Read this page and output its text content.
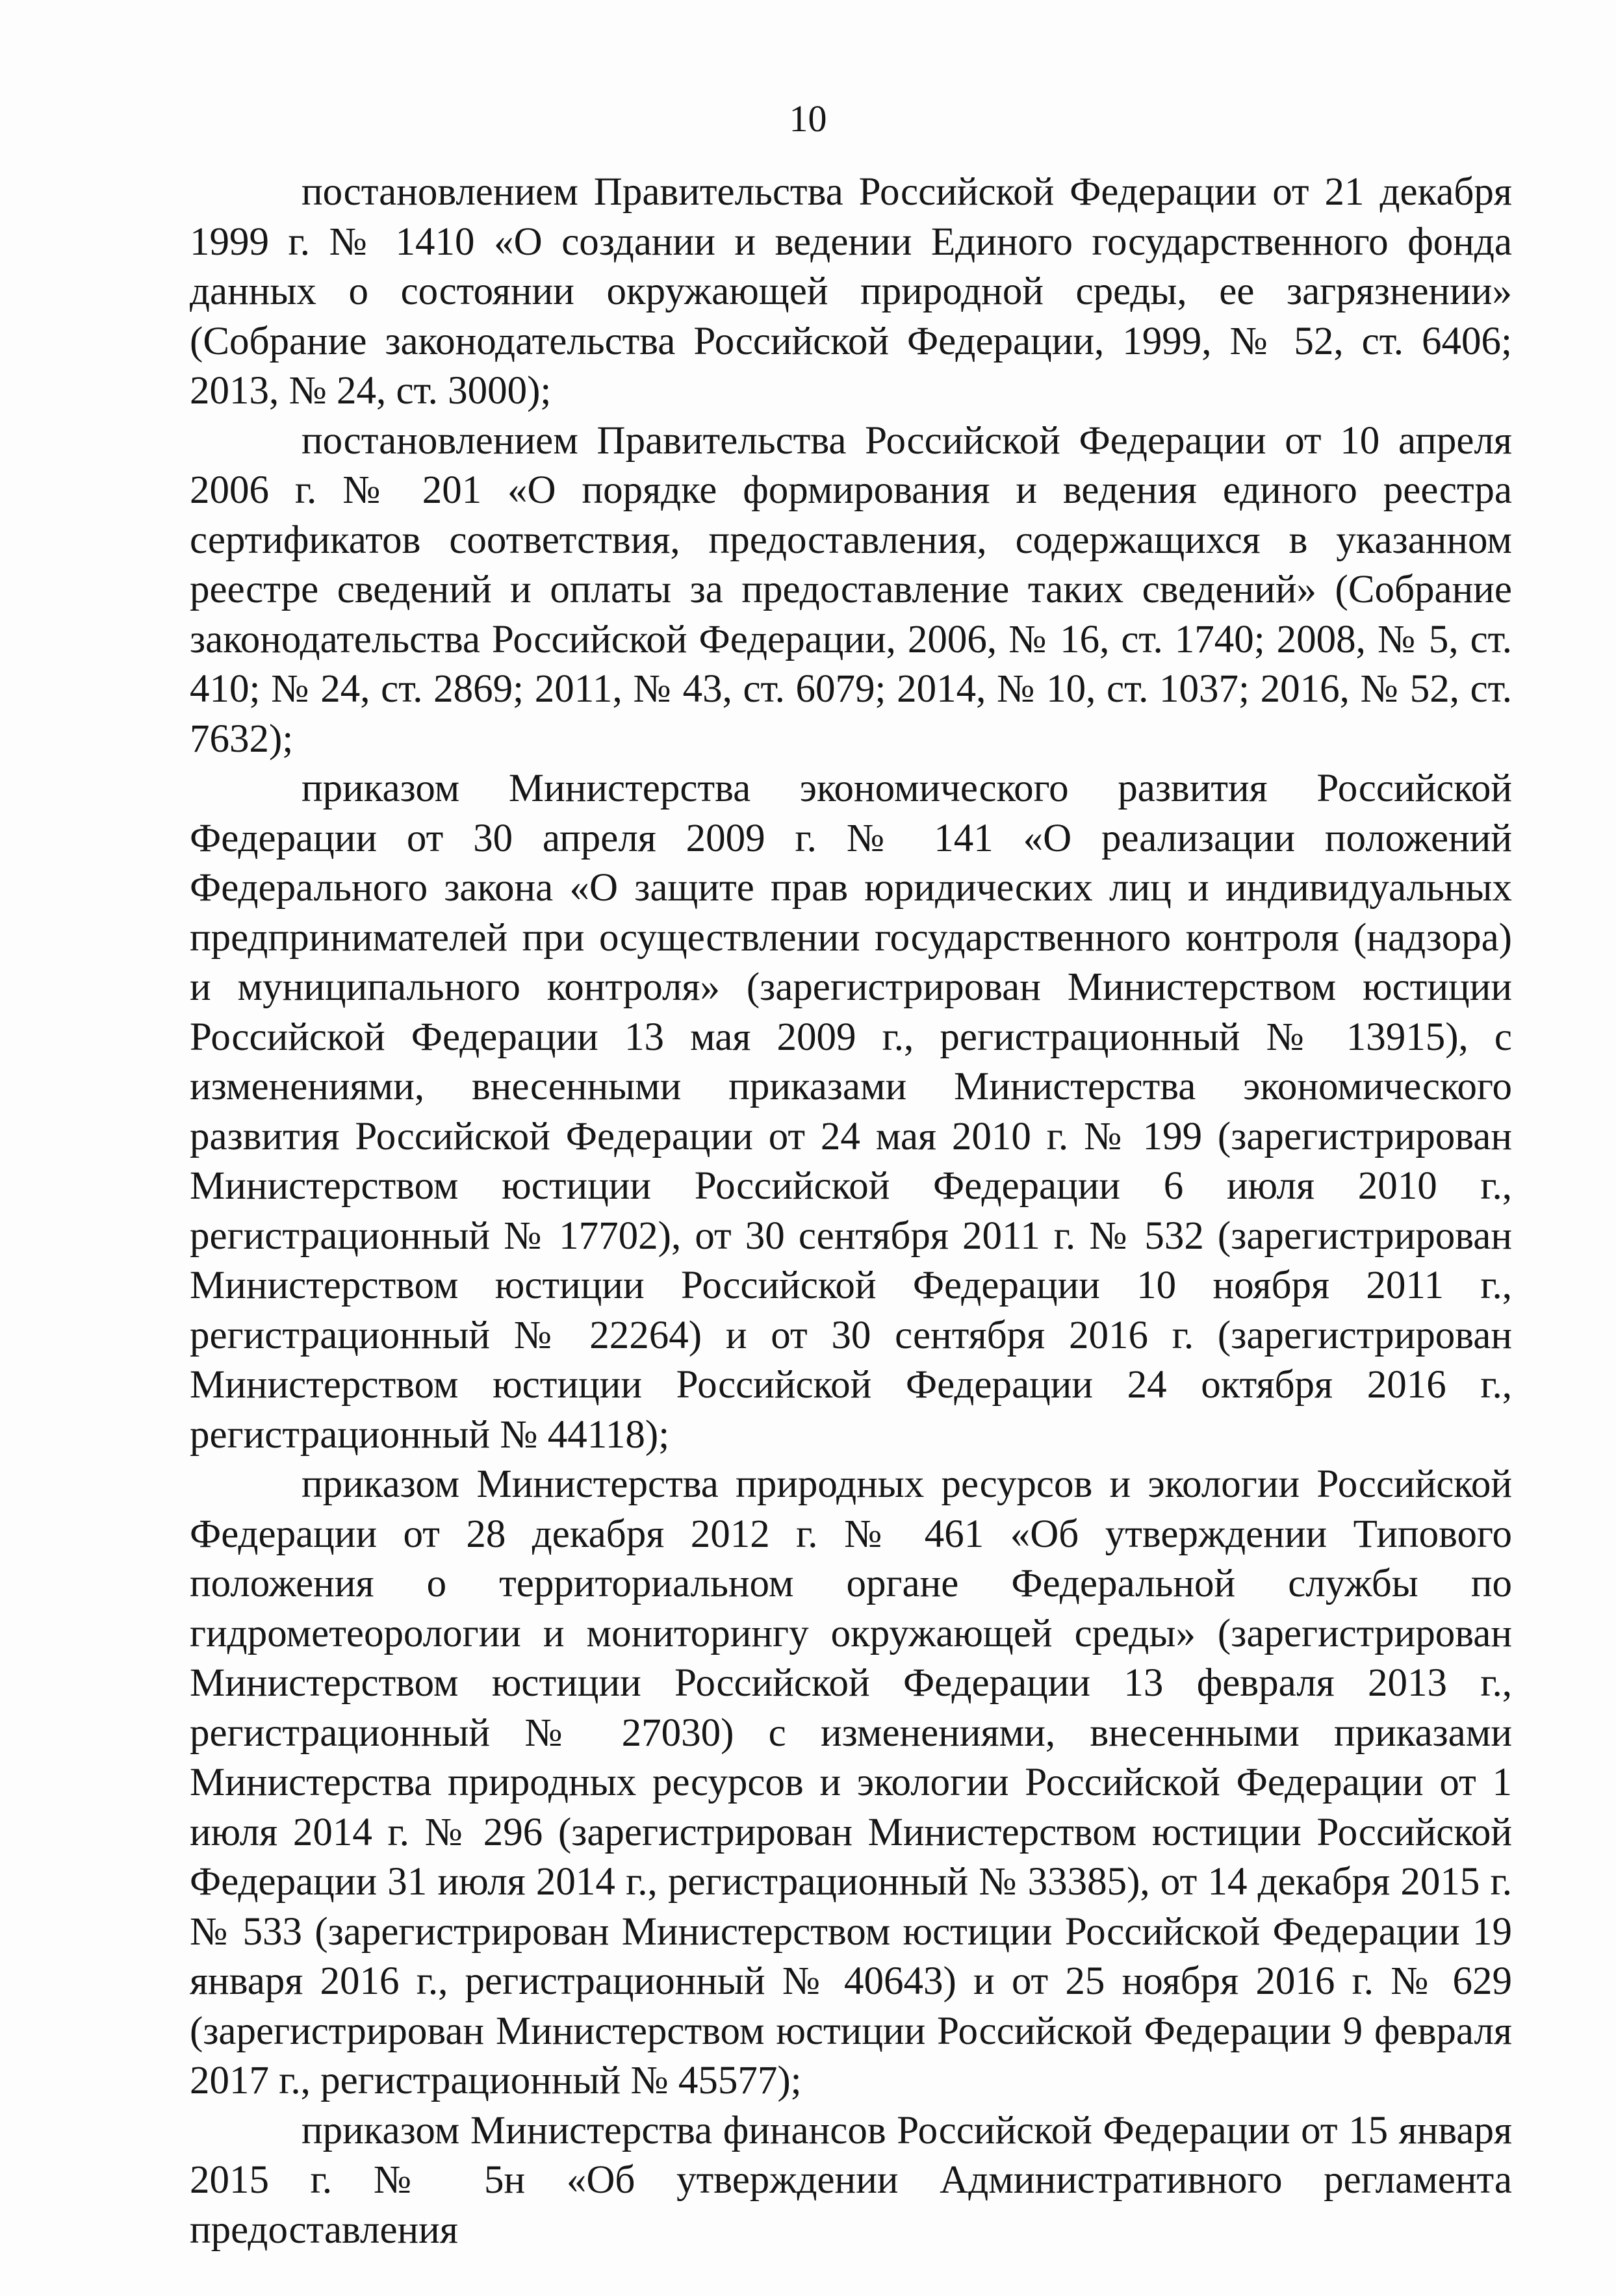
10

постановлением Правительства Российской Федерации от 21 декабря 1999 г. № 1410 «О создании и ведении Единого государственного фонда данных о состоянии окружающей природной среды, ее загрязнении» (Собрание законодательства Российской Федерации, 1999, № 52, ст. 6406; 2013, № 24, ст. 3000);

постановлением Правительства Российской Федерации от 10 апреля 2006 г. № 201 «О порядке формирования и ведения единого реестра сертификатов соответствия, предоставления, содержащихся в указанном реестре сведений и оплаты за предоставление таких сведений» (Собрание законодательства Российской Федерации, 2006, № 16, ст. 1740; 2008, № 5, ст. 410; № 24, ст. 2869; 2011, № 43, ст. 6079; 2014, № 10, ст. 1037; 2016, № 52, ст. 7632);

приказом Министерства экономического развития Российской Федерации от 30 апреля 2009 г. № 141 «О реализации положений Федерального закона «О защите прав юридических лиц и индивидуальных предпринимателей при осуществлении государственного контроля (надзора) и муниципального контроля» (зарегистрирован Министерством юстиции Российской Федерации 13 мая 2009 г., регистрационный № 13915), с изменениями, внесенными приказами Министерства экономического развития Российской Федерации от 24 мая 2010 г. № 199 (зарегистрирован Министерством юстиции Российской Федерации 6 июля 2010 г., регистрационный № 17702), от 30 сентября 2011 г. № 532 (зарегистрирован Министерством юстиции Российской Федерации 10 ноября 2011 г., регистрационный № 22264) и от 30 сентября 2016 г. (зарегистрирован Министерством юстиции Российской Федерации 24 октября 2016 г., регистрационный № 44118);

приказом Министерства природных ресурсов и экологии Российской Федерации от 28 декабря 2012 г. № 461 «Об утверждении Типового положения о территориальном органе Федеральной службы по гидрометеорологии и мониторингу окружающей среды» (зарегистрирован Министерством юстиции Российской Федерации 13 февраля 2013 г., регистрационный № 27030) с изменениями, внесенными приказами Министерства природных ресурсов и экологии Российской Федерации от 1 июля 2014 г. № 296 (зарегистрирован Министерством юстиции Российской Федерации 31 июля 2014 г., регистрационный № 33385), от 14 декабря 2015 г. № 533 (зарегистрирован Министерством юстиции Российской Федерации 19 января 2016 г., регистрационный № 40643) и от 25 ноября 2016 г. № 629 (зарегистрирован Министерством юстиции Российской Федерации 9 февраля 2017 г., регистрационный № 45577);

приказом Министерства финансов Российской Федерации от 15 января 2015 г. № 5н «Об утверждении Административного регламента предоставления
